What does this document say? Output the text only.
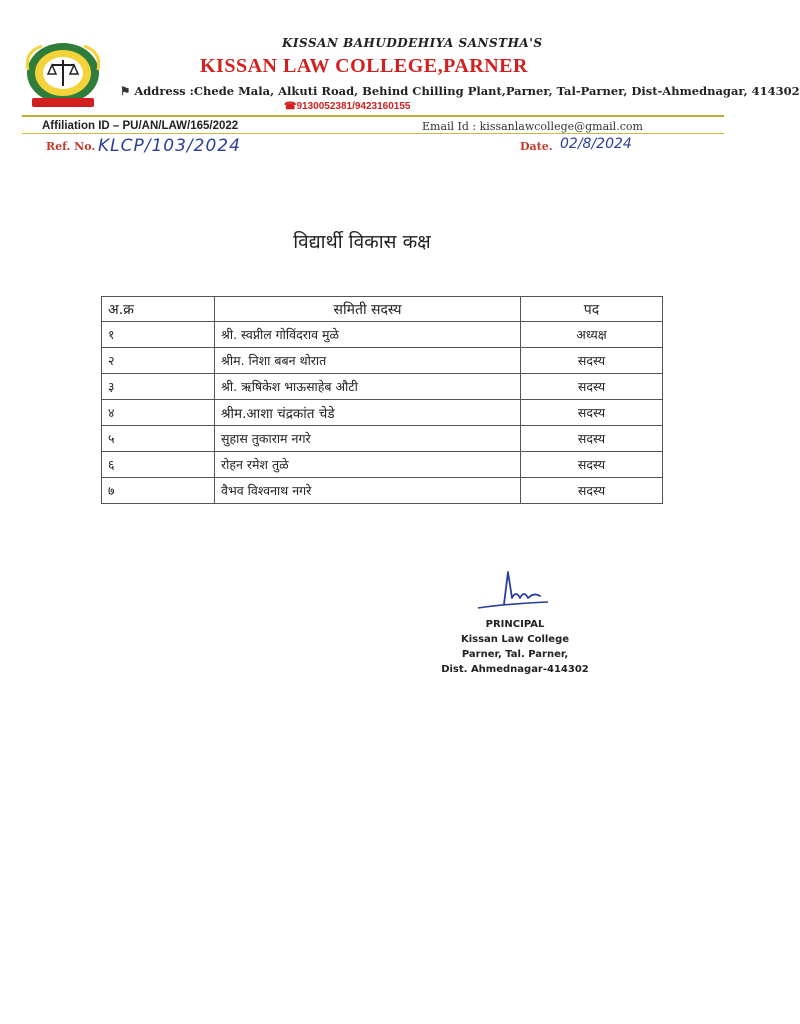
KISSAN BAHUDDEHIYA SANSTHA'S
KISSAN LAW COLLEGE,PARNER
⚑ Address :Chede Mala, Alkuti Road, Behind Chilling Plant,Parner, Tal-Parner, Dist-Ahmednagar, 414302
☎9130052381/9423160155
Affiliation ID – PU/AN/LAW/165/2022	Email Id : kissanlawcollege@gmail.com
Ref. No. KLCP/103/2024	Date. 02/8/2024
विद्यार्थी विकास कक्ष
अ.क्र	समिती सदस्य	पद
१	श्री. स्वप्नील गोविंदराव मुळे	अध्यक्ष
२	श्रीम. निशा बबन थोरात	सदस्य
३	श्री. ऋषिकेश भाऊसाहेब औटी	सदस्य
४	श्रीम.आशा चंद्रकांत चेडे	सदस्य
५	सुहास तुकाराम नगरे	सदस्य
६	रोहन रमेश तुळे	सदस्य
७	वैभव विश्वनाथ नगरे	सदस्य
PRINCIPAL
Kissan Law College
Parner, Tal. Parner,
Dist. Ahmednagar-414302
